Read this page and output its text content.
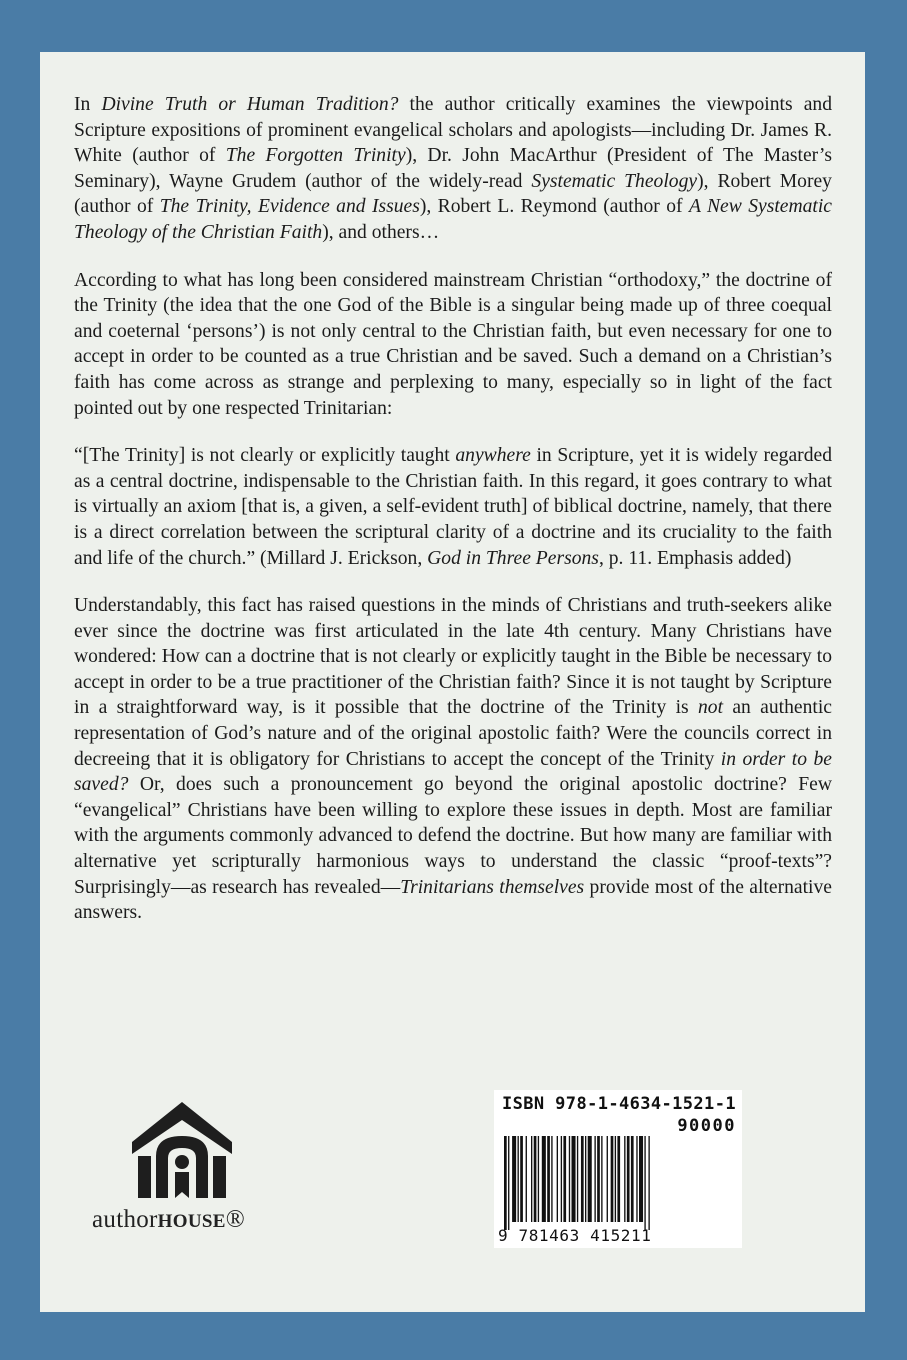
In Divine Truth or Human Tradition? the author critically examines the viewpoints and Scripture expositions of prominent evangelical scholars and apologists—including Dr. James R. White (author of The Forgotten Trinity), Dr. John MacArthur (President of The Master’s Seminary), Wayne Grudem (author of the widely-read Systematic Theology), Robert Morey (author of The Trinity, Evidence and Issues), Robert L. Reymond (author of A New Systematic Theology of the Christian Faith), and others…

According to what has long been considered mainstream Christian “orthodoxy,” the doctrine of the Trinity (the idea that the one God of the Bible is a singular being made up of three coequal and coeternal ‘persons’) is not only central to the Christian faith, but even necessary for one to accept in order to be counted as a true Christian and be saved. Such a demand on a Christian’s faith has come across as strange and perplexing to many, especially so in light of the fact pointed out by one respected Trinitarian:

“[The Trinity] is not clearly or explicitly taught anywhere in Scripture, yet it is widely regarded as a central doctrine, indispensable to the Christian faith. In this regard, it goes contrary to what is virtually an axiom [that is, a given, a self-evident truth] of biblical doctrine, namely, that there is a direct correlation between the scriptural clarity of a doctrine and its cruciality to the faith and life of the church.” (Millard J. Erickson, God in Three Persons, p. 11. Emphasis added)

Understandably, this fact has raised questions in the minds of Christians and truth-seekers alike ever since the doctrine was first articulated in the late 4th century. Many Christians have wondered: How can a doctrine that is not clearly or explicitly taught in the Bible be necessary to accept in order to be a true practitioner of the Christian faith? Since it is not taught by Scripture in a straightforward way, is it possible that the doctrine of the Trinity is not an authentic representation of God’s nature and of the original apostolic faith? Were the councils correct in decreeing that it is obligatory for Christians to accept the concept of the Trinity in order to be saved? Or, does such a pronouncement go beyond the original apostolic doctrine? Few “evangelical” Christians have been willing to explore these issues in depth. Most are familiar with the arguments commonly advanced to defend the doctrine. But how many are familiar with alternative yet scripturally harmonious ways to understand the classic “proof-texts”? Surprisingly—as research has revealed—Trinitarians themselves provide most of the alternative answers.

authorHOUSE®
ISBN 978-1-4634-1521-1
90000
9 781463 415211
